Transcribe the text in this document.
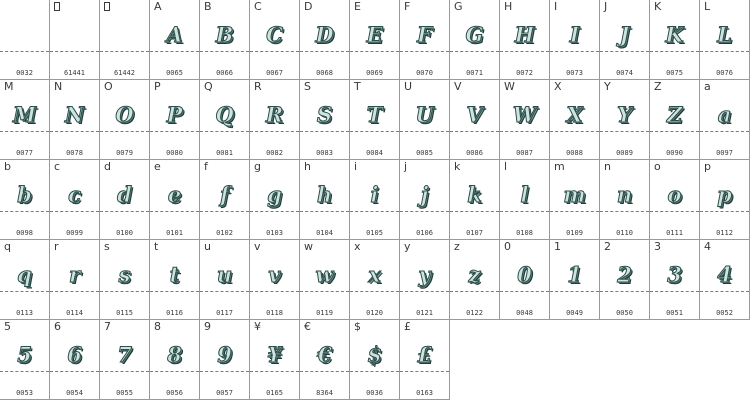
0032	61441	61442
A
A
0065
B
B
0066
C
C
0067
D
D
0068
E
E
0069
F
F
0070
G
G
0071
H
H
0072
I
I
0073
J
J
0074
K
K
0075
L
L
0076
M
M
0077
N
N
0078
O
O
0079
P
P
0080
Q
Q
0081
R
R
0082
S
S
0083
T
T
0084
U
U
0085
V
V
0086
W
W
0087
X
X
0088
Y
Y
0089
Z
Z
0090
a
a
0097
b
b
0098
c
c
0099
d
d
0100
e
e
0101
f
f
0102
g
g
0103
h
h
0104
i
i
0105
j
j
0106
k
k
0107
l
l
0108
m
m
0109
n
n
0110
o
o
0111
p
p
0112
q
q
0113
r
r
0114
s
s
0115
t
t
0116
u
u
0117
v
v
0118
w
w
0119
x
x
0120
y
y
0121
z
z
0122
0
0
0048
1
1
0049
2
2
0050
3
3
0051
4
4
0052
5
5
0053
6
6
0054
7
7
0055
8
8
0056
9
9
0057
¥
¥
0165
€
€
8364
$
$
0036
£
£
0163
